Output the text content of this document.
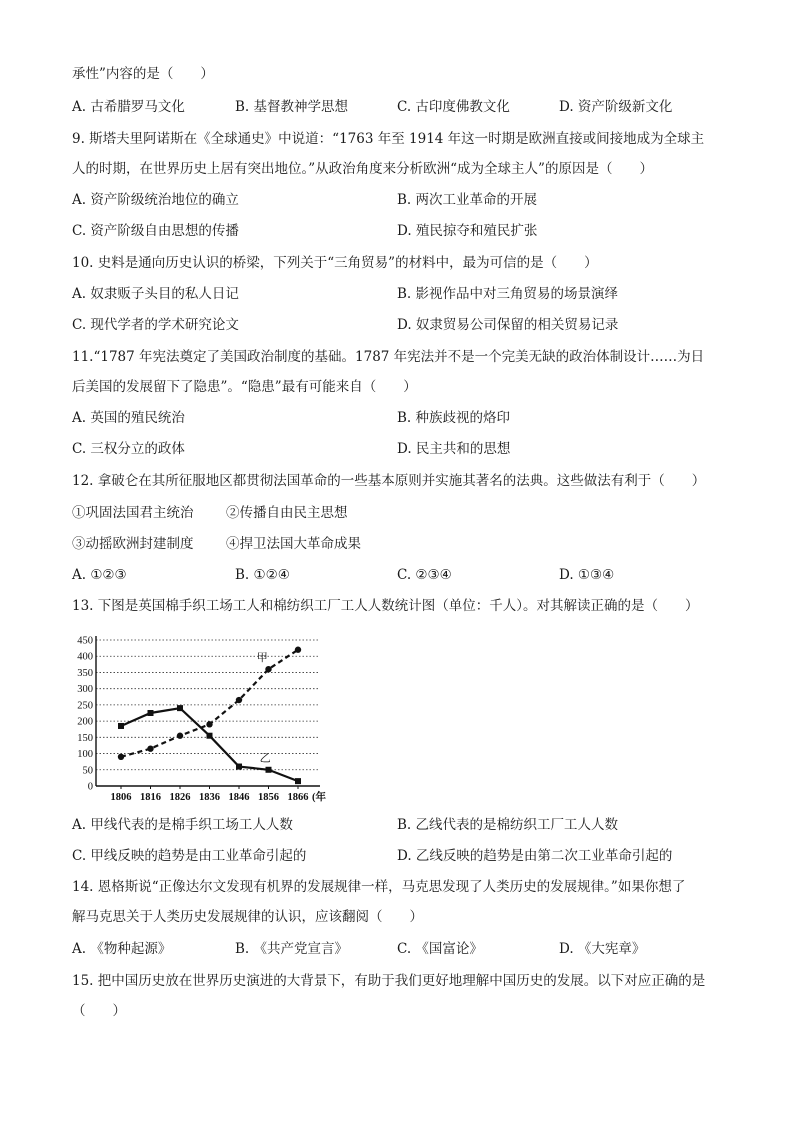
承性”内容的是（　　）
A. 古希腊罗马文化	B. 基督教神学思想	C. 古印度佛教文化	D. 资产阶级新文化
9. 斯塔夫里阿诺斯在《全球通史》中说道：“1763 年至 1914 年这一时期是欧洲直接或间接地成为全球主
人的时期，在世界历史上居有突出地位。”从政治角度来分析欧洲“成为全球主人”的原因是（　　）
A. 资产阶级统治地位的确立	B. 两次工业革命的开展
C. 资产阶级自由思想的传播	D. 殖民掠夺和殖民扩张
10. 史料是通向历史认识的桥梁，下列关于“三角贸易”的材料中，最为可信的是（　　）
A. 奴隶贩子头目的私人日记	B. 影视作品中对三角贸易的场景演绎
C. 现代学者的学术研究论文	D. 奴隶贸易公司保留的相关贸易记录
11.“1787 年宪法奠定了美国政治制度的基础。1787 年宪法并不是一个完美无缺的政治体制设计……为日
后美国的发展留下了隐患”。“隐患”最有可能来自（　　）
A. 英国的殖民统治	B. 种族歧视的烙印
C. 三权分立的政体	D. 民主共和的思想
12. 拿破仑在其所征服地区都贯彻法国革命的一些基本原则并实施其著名的法典。这些做法有利于（　　）
①巩固法国君主统治 ②传播自由民主思想
③动摇欧洲封建制度 ④捍卫法国大革命成果
A. ①②③	B. ①②④	C. ②③④	D. ①③④
13. 下图是英国棉手织工场工人和棉纺织工厂工人人数统计图（单位：千人）。对其解读正确的是（　　）
0
50
100
150
200
250
300
350
400
450
1806 1816 1826 1836 1846 1856 1866 (年
甲
乙
A. 甲线代表的是棉手织工场工人人数	B. 乙线代表的是棉纺织工厂工人人数
C. 甲线反映的趋势是由工业革命引起的	D. 乙线反映的趋势是由第二次工业革命引起的
14. 恩格斯说“正像达尔文发现有机界的发展规律一样，马克思发现了人类历史的发展规律。”如果你想了
解马克思关于人类历史发展规律的认识，应该翻阅（　　）
A. 《物种起源》	B. 《共产党宣言》	C. 《国富论》	D. 《大宪章》
15. 把中国历史放在世界历史演进的大背景下，有助于我们更好地理解中国历史的发展。以下对应正确的是
（　　）
